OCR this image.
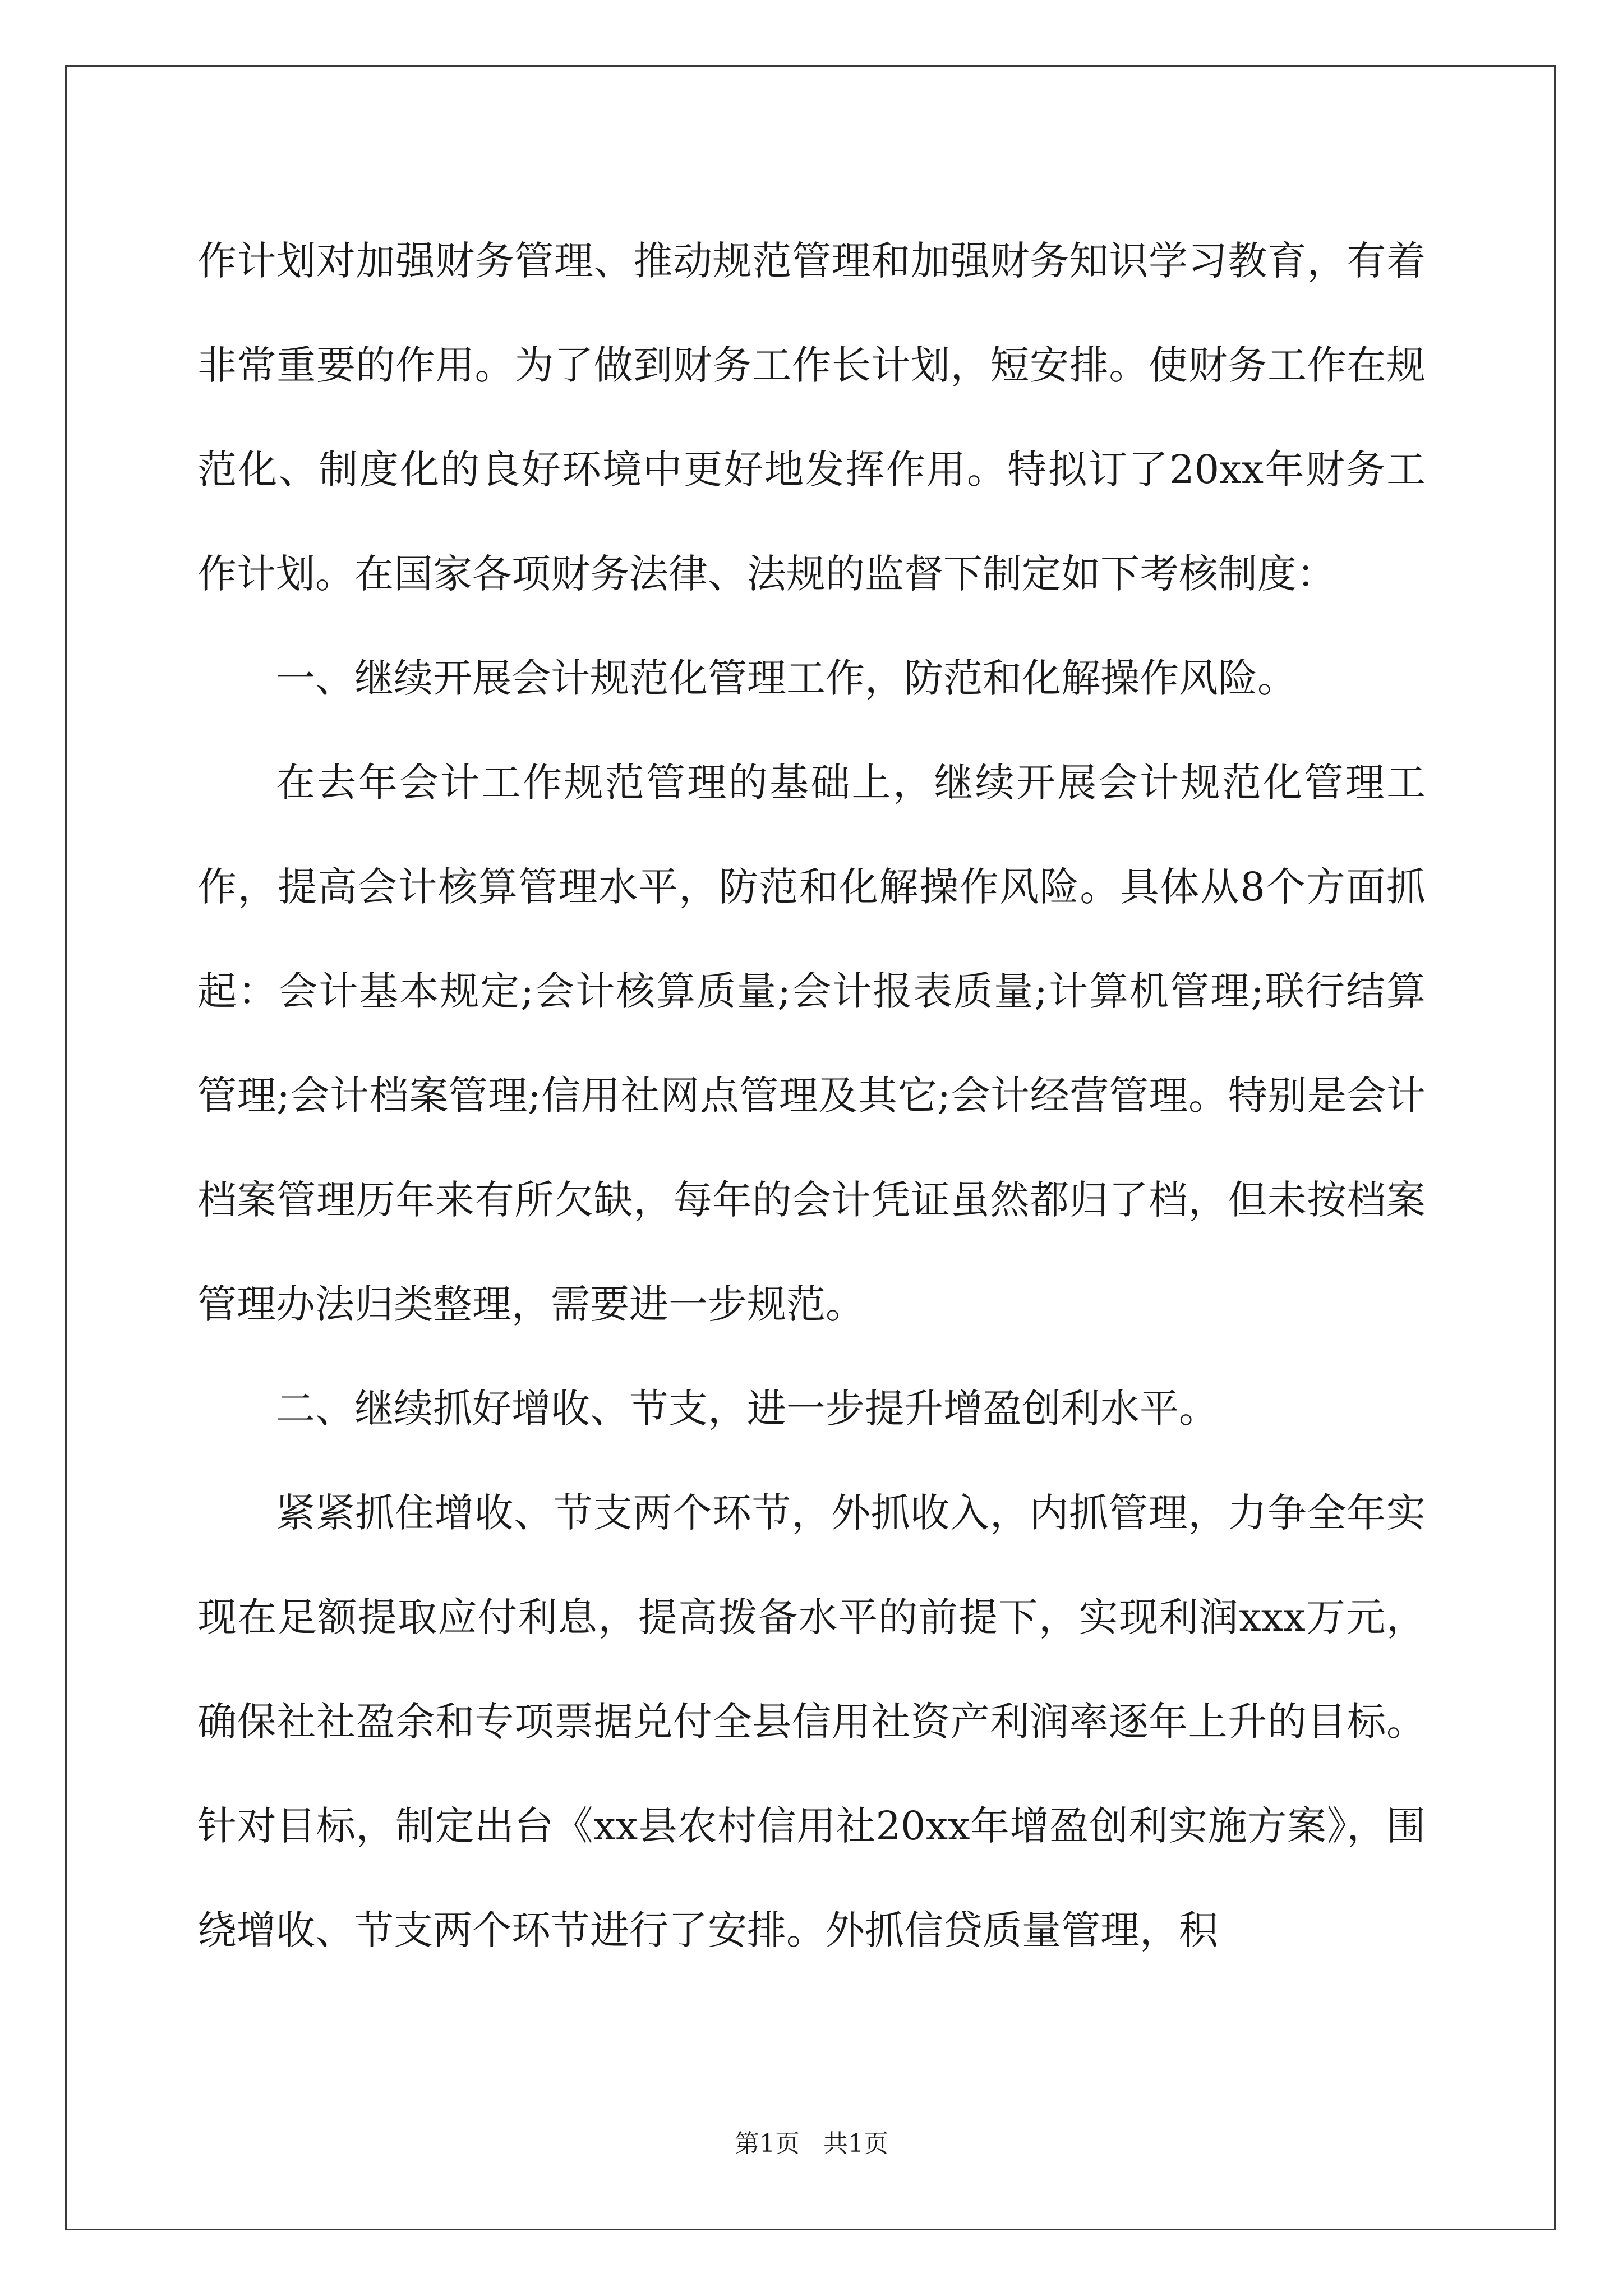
作计划对加强财务管理、推动规范管理和加强财务知识学习教育，有着非常重要的作用。为了做到财务工作长计划，短安排。使财务工作在规范化、制度化的良好环境中更好地发挥作用。特拟订了20xx年财务工作计划。在国家各项财务法律、法规的监督下制定如下考核制度：

一、继续开展会计规范化管理工作，防范和化解操作风险。

在去年会计工作规范管理的基础上，继续开展会计规范化管理工作，提高会计核算管理水平，防范和化解操作风险。具体从8个方面抓起：会计基本规定;会计核算质量;会计报表质量;计算机管理;联行结算管理;会计档案管理;信用社网点管理及其它;会计经营管理。特别是会计档案管理历年来有所欠缺，每年的会计凭证虽然都归了档，但未按档案管理办法归类整理，需要进一步规范。

二、继续抓好增收、节支，进一步提升增盈创利水平。

紧紧抓住增收、节支两个环节，外抓收入，内抓管理，力争全年实现在足额提取应付利息，提高拨备水平的前提下，实现利润xxx万元，确保社社盈余和专项票据兑付全县信用社资产利润率逐年上升的目标。针对目标，制定出台《xx县农村信用社20xx年增盈创利实施方案》，围绕增收、节支两个环节进行了安排。外抓信贷质量管理，积

第1页   共1页
